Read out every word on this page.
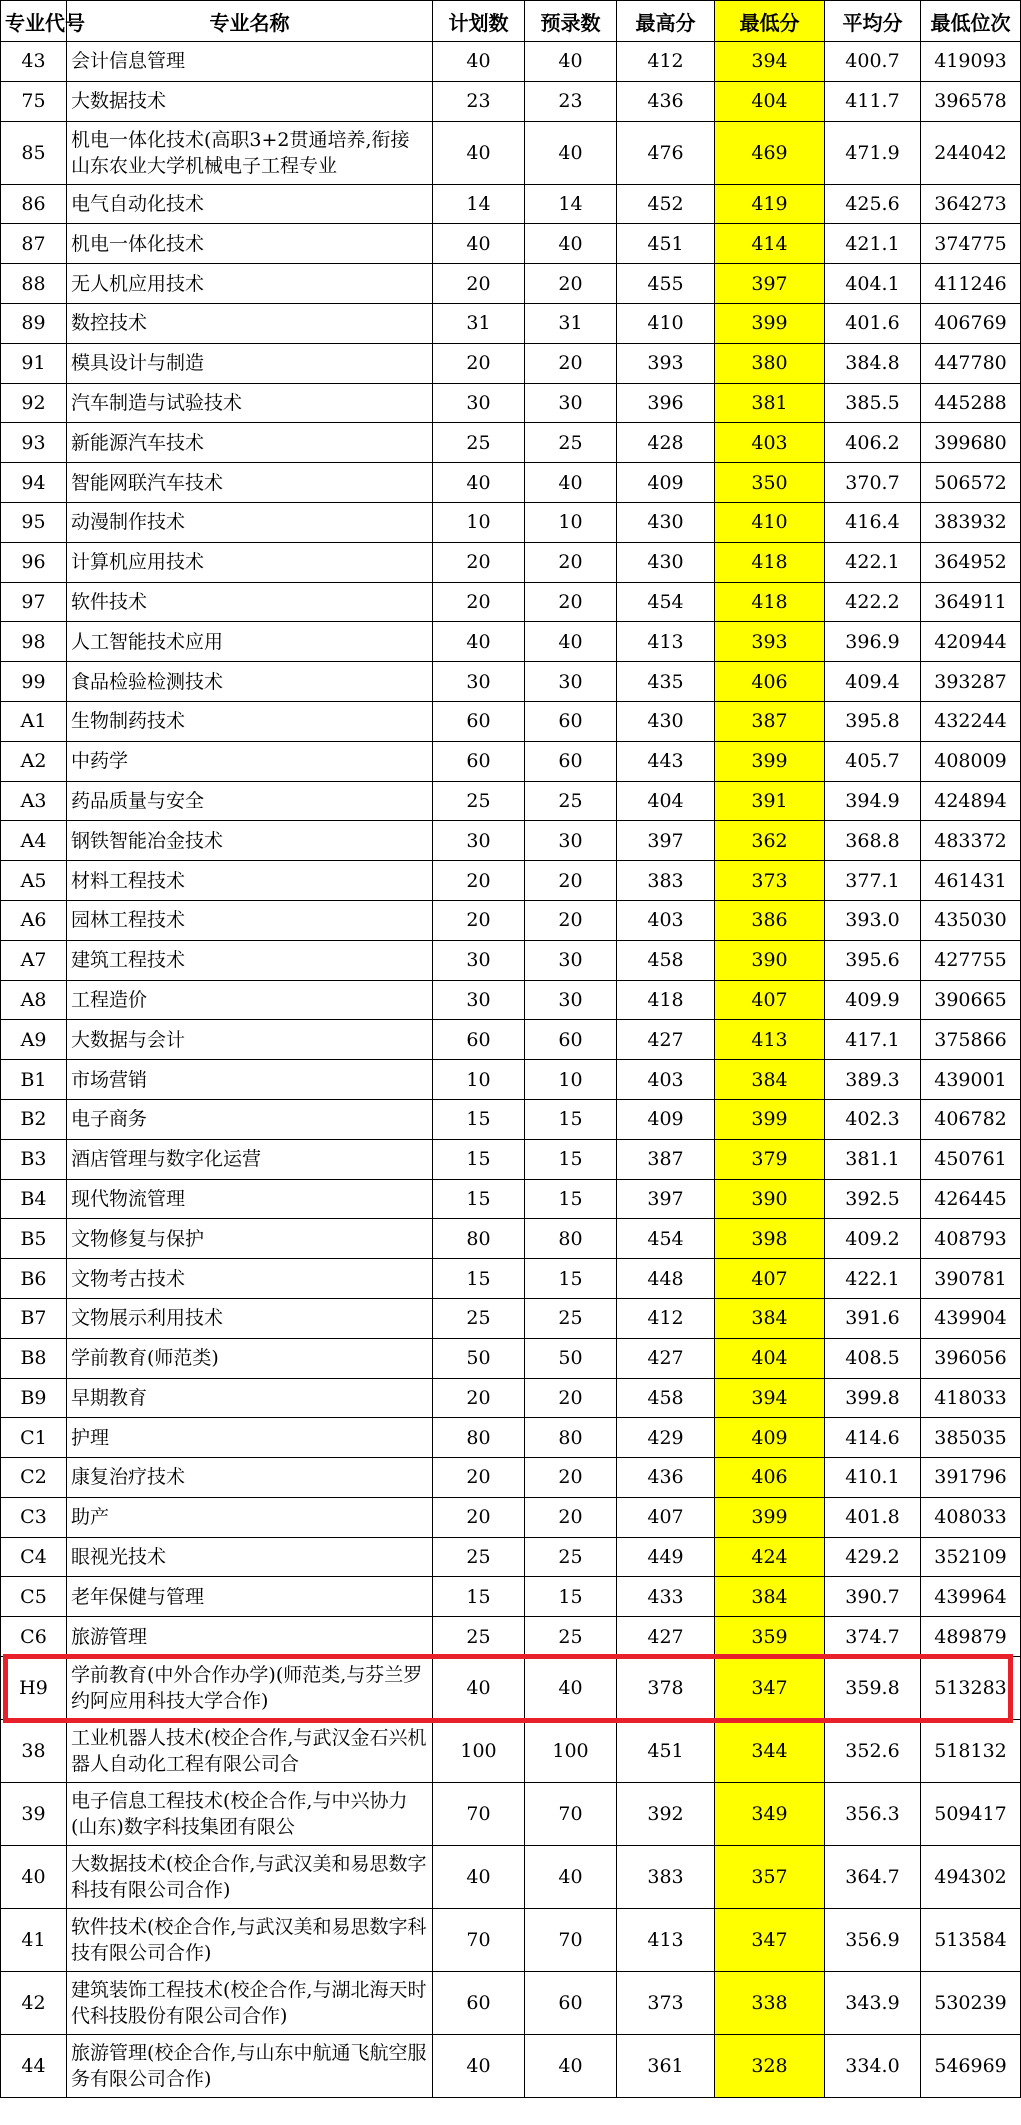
专业代号	专业名称	计划数	预录数	最高分	最低分	平均分	最低位次
43	会计信息管理	40	40	412	394	400.7	419093
75	大数据技术	23	23	436	404	411.7	396578
85	机电一体化技术(高职3+2贯通培养,衔接山东农业大学机械电子工程专业	40	40	476	469	471.9	244042
86	电气自动化技术	14	14	452	419	425.6	364273
87	机电一体化技术	40	40	451	414	421.1	374775
88	无人机应用技术	20	20	455	397	404.1	411246
89	数控技术	31	31	410	399	401.6	406769
91	模具设计与制造	20	20	393	380	384.8	447780
92	汽车制造与试验技术	30	30	396	381	385.5	445288
93	新能源汽车技术	25	25	428	403	406.2	399680
94	智能网联汽车技术	40	40	409	350	370.7	506572
95	动漫制作技术	10	10	430	410	416.4	383932
96	计算机应用技术	20	20	430	418	422.1	364952
97	软件技术	20	20	454	418	422.2	364911
98	人工智能技术应用	40	40	413	393	396.9	420944
99	食品检验检测技术	30	30	435	406	409.4	393287
A1	生物制药技术	60	60	430	387	395.8	432244
A2	中药学	60	60	443	399	405.7	408009
A3	药品质量与安全	25	25	404	391	394.9	424894
A4	钢铁智能冶金技术	30	30	397	362	368.8	483372
A5	材料工程技术	20	20	383	373	377.1	461431
A6	园林工程技术	20	20	403	386	393.0	435030
A7	建筑工程技术	30	30	458	390	395.6	427755
A8	工程造价	30	30	418	407	409.9	390665
A9	大数据与会计	60	60	427	413	417.1	375866
B1	市场营销	10	10	403	384	389.3	439001
B2	电子商务	15	15	409	399	402.3	406782
B3	酒店管理与数字化运营	15	15	387	379	381.1	450761
B4	现代物流管理	15	15	397	390	392.5	426445
B5	文物修复与保护	80	80	454	398	409.2	408793
B6	文物考古技术	15	15	448	407	422.1	390781
B7	文物展示利用技术	25	25	412	384	391.6	439904
B8	学前教育(师范类)	50	50	427	404	408.5	396056
B9	早期教育	20	20	458	394	399.8	418033
C1	护理	80	80	429	409	414.6	385035
C2	康复治疗技术	20	20	436	406	410.1	391796
C3	助产	20	20	407	399	401.8	408033
C4	眼视光技术	25	25	449	424	429.2	352109
C5	老年保健与管理	15	15	433	384	390.7	439964
C6	旅游管理	25	25	427	359	374.7	489879
H9	学前教育(中外合作办学)(师范类,与芬兰罗约阿应用科技大学合作)	40	40	378	347	359.8	513283
38	工业机器人技术(校企合作,与武汉金石兴机器人自动化工程有限公司合	100	100	451	344	352.6	518132
39	电子信息工程技术(校企合作,与中兴协力(山东)数字科技集团有限公	70	70	392	349	356.3	509417
40	大数据技术(校企合作,与武汉美和易思数字科技有限公司合作)	40	40	383	357	364.7	494302
41	软件技术(校企合作,与武汉美和易思数字科技有限公司合作)	70	70	413	347	356.9	513584
42	建筑装饰工程技术(校企合作,与湖北海天时代科技股份有限公司合作)	60	60	373	338	343.9	530239
44	旅游管理(校企合作,与山东中航通飞航空服务有限公司合作)	40	40	361	328	334.0	546969
